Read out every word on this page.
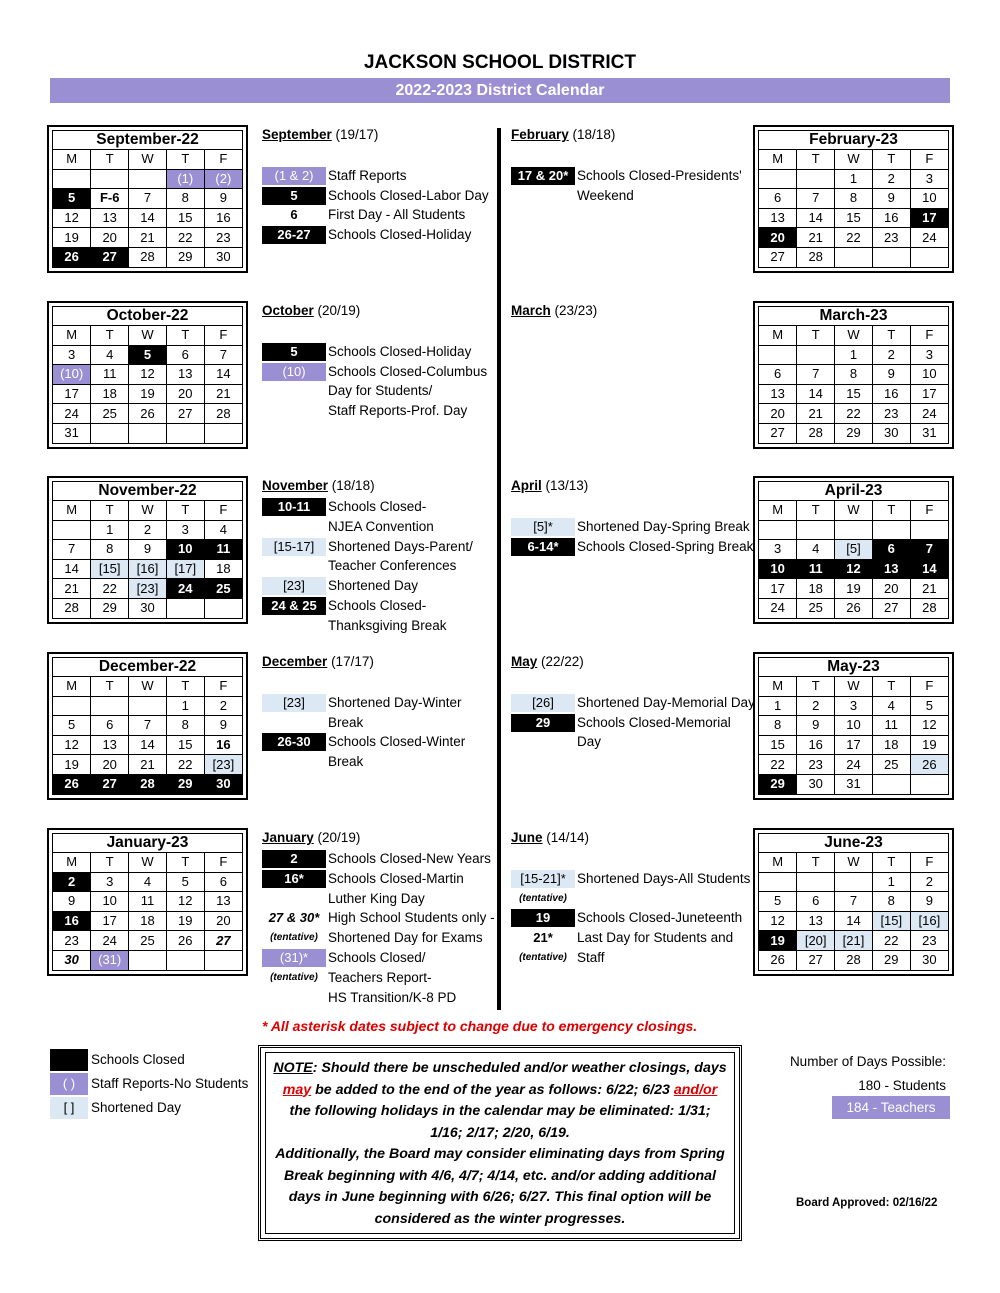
JACKSON SCHOOL DISTRICT
2022-2023 District Calendar
September-22
M	T	W	T	F
			(1)	(2)
5	F-6	7	8	9
12	13	14	15	16
19	20	21	22	23
26	27	28	29	30
February-23
M	T	W	T	F
		1	2	3
6	7	8	9	10
13	14	15	16	17
20	21	22	23	24
27	28			
October-22
M	T	W	T	F
3	4	5	6	7
(10)	11	12	13	14
17	18	19	20	21
24	25	26	27	28
31				
March-23
M	T	W	T	F
		1	2	3
6	7	8	9	10
13	14	15	16	17
20	21	22	23	24
27	28	29	30	31
November-22
M	T	W	T	F
	1	2	3	4
7	8	9	10	11
14	[15]	[16]	[17]	18
21	22	[23]	24	25
28	29	30		
April-23
M	T	W	T	F

3	4	[5]	6	7
10	11	12	13	14
17	18	19	20	21
24	25	26	27	28
December-22
M	T	W	T	F
			1	2
5	6	7	8	9
12	13	14	15	16
19	20	21	22	[23]
26	27	28	29	30
May-23
M	T	W	T	F
1	2	3	4	5
8	9	10	11	12
15	16	17	18	19
22	23	24	25	26
29	30	31		
January-23
M	T	W	T	F
2	3	4	5	6
9	10	11	12	13
16	17	18	19	20
23	24	25	26	27
30	(31)			
June-23
M	T	W	T	F
			1	2
5	6	7	8	9
12	13	14	[15]	[16]
19	[20]	[21]	22	23
26	27	28	29	30
September (19/17)
(1 & 2)	Staff Reports
5	Schools Closed-Labor Day
6	First Day - All Students
26-27	Schools Closed-Holiday
February (18/18)
17 & 20* Schools Closed-Presidents'
Weekend
October (20/19)
5	Schools Closed-Holiday
(10)	Schools Closed-Columbus
Day for Students/
Staff Reports-Prof. Day
March (23/23)
November (18/18)
10-11	Schools Closed-
NJEA Convention
[15-17]	Shortened Days-Parent/
Teacher Conferences
[23]	Shortened Day
24 & 25 Schools Closed-
Thanksgiving Break
April (13/13)
[5]*	Shortened Day-Spring Break
6-14*	Schools Closed-Spring Break
December (17/17)
[23]	Shortened Day-Winter
Break
26-30	Schools Closed-Winter
Break
May (22/22)
[26]	Shortened Day-Memorial Day
29	Schools Closed-Memorial
Day
January (20/19)
2	Schools Closed-New Years
16*	Schools Closed-Martin
Luther King Day
27 & 30* High School Students only -
(tentative) Shortened Day for Exams
(31)*	Schools Closed/
(tentative) Teachers Report-
HS Transition/K-8 PD
June (14/14)
[15-21]* Shortened Days-All Students
(tentative)
19	Schools Closed-Juneteenth
21*	Last Day for Students and
(tentative) Staff
* All asterisk dates subject to change due to emergency closings.
Schools Closed
( )	Staff Reports-No Students
[ ]	Shortened Day
NOTE: Should there be unscheduled and/or weather closings, days
may be added to the end of the year as follows: 6/22; 6/23 and/or
the following holidays in the calendar may be eliminated: 1/31;
1/16; 2/17; 2/20, 6/19.
Additionally, the Board may consider eliminating days from Spring
Break beginning with 4/6, 4/7; 4/14, etc. and/or adding additional
days in June beginning with 6/26; 6/27. This final option will be
considered as the winter progresses.
Number of Days Possible:
180 - Students
184 - Teachers
Board Approved: 02/16/22
